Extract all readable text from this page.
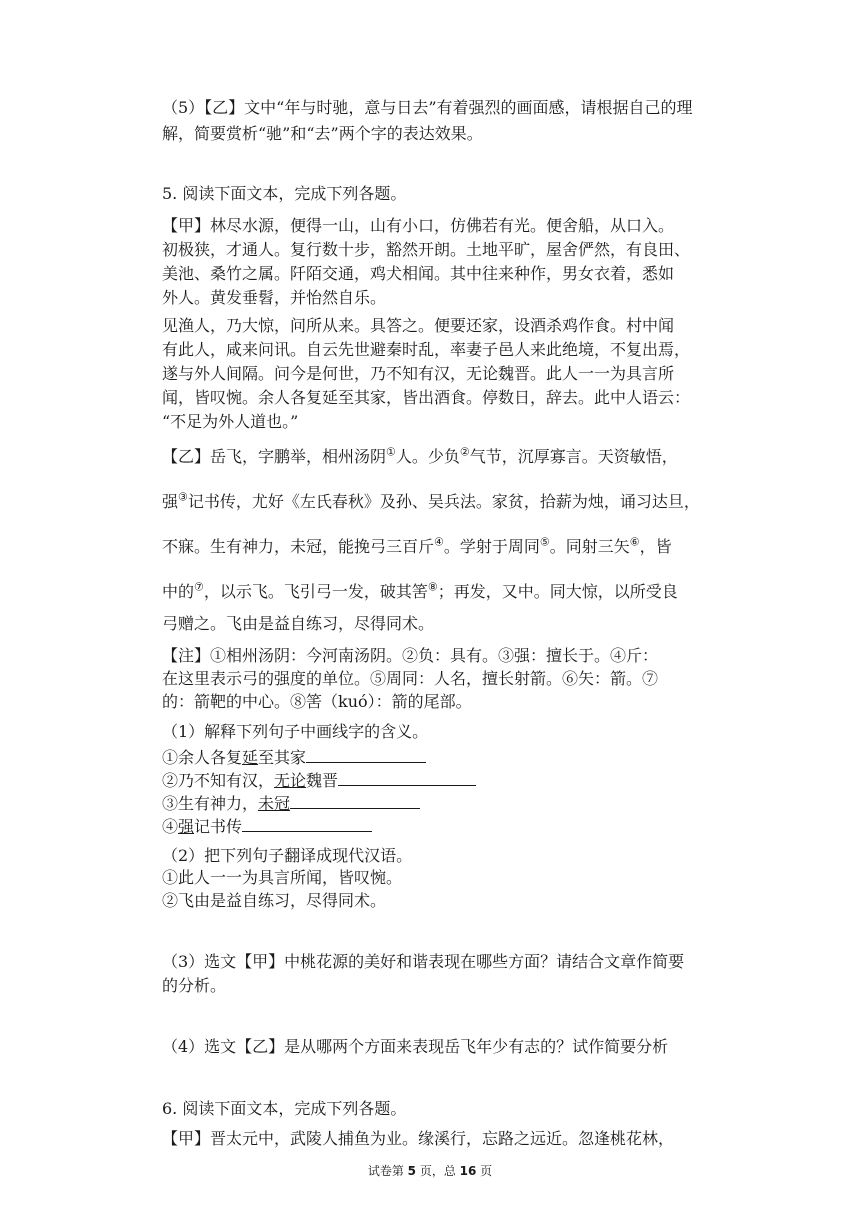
（5）【乙】文中“年与时驰，意与日去”有着强烈的画面感，请根据自己的理
解，简要赏析“驰”和“去”两个字的表达效果。
5. 阅读下面文本，完成下列各题。
【甲】林尽水源，便得一山，山有小口，仿佛若有光。便舍船，从口入。
初极狭，才通人。复行数十步，豁然开朗。土地平旷，屋舍俨然，有良田、
美池、桑竹之属。阡陌交通，鸡犬相闻。其中往来种作，男女衣着，悉如
外人。黄发垂髫，并怡然自乐。
见渔人，乃大惊，问所从来。具答之。便要还家，设酒杀鸡作食。村中闻
有此人，咸来问讯。自云先世避秦时乱，率妻子邑人来此绝境，不复出焉，
遂与外人间隔。问今是何世，乃不知有汉，无论魏晋。此人一一为具言所
闻，皆叹惋。余人各复延至其家，皆出酒食。停数日，辞去。此中人语云：
“不足为外人道也。”
【乙】岳飞，字鹏举，相州汤阴①人。少负②气节，沉厚寡言。天资敏悟，
强③记书传，尤好《左氏春秋》及孙、吴兵法。家贫，拾薪为烛，诵习达旦，
不寐。生有神力，未冠，能挽弓三百斤④。学射于周同⑤。同射三矢⑥，皆
中的⑦，以示飞。飞引弓一发，破其筈⑧；再发，又中。同大惊，以所受良
弓赠之。飞由是益自练习，尽得同术。
【注】①相州汤阴：今河南汤阴。②负：具有。③强：擅长于。④斤：
在这里表示弓的强度的单位。⑤周同：人名，擅长射箭。⑥矢：箭。⑦
的：箭靶的中心。⑧筈（kuó）：箭的尾部。
（1）解释下列句子中画线字的含义。
①余人各复延至其家
②乃不知有汉，无论魏晋
③生有神力，未冠
④强记书传
（2）把下列句子翻译成现代汉语。
①此人一一为具言所闻，皆叹惋。
②飞由是益自练习，尽得同术。
（3）选文【甲】中桃花源的美好和谐表现在哪些方面？请结合文章作简要
的分析。
（4）选文【乙】是从哪两个方面来表现岳飞年少有志的？试作简要分析
6. 阅读下面文本，完成下列各题。
【甲】晋太元中，武陵人捕鱼为业。缘溪行，忘路之远近。忽逢桃花林，
试卷第 5 页，总 16 页
